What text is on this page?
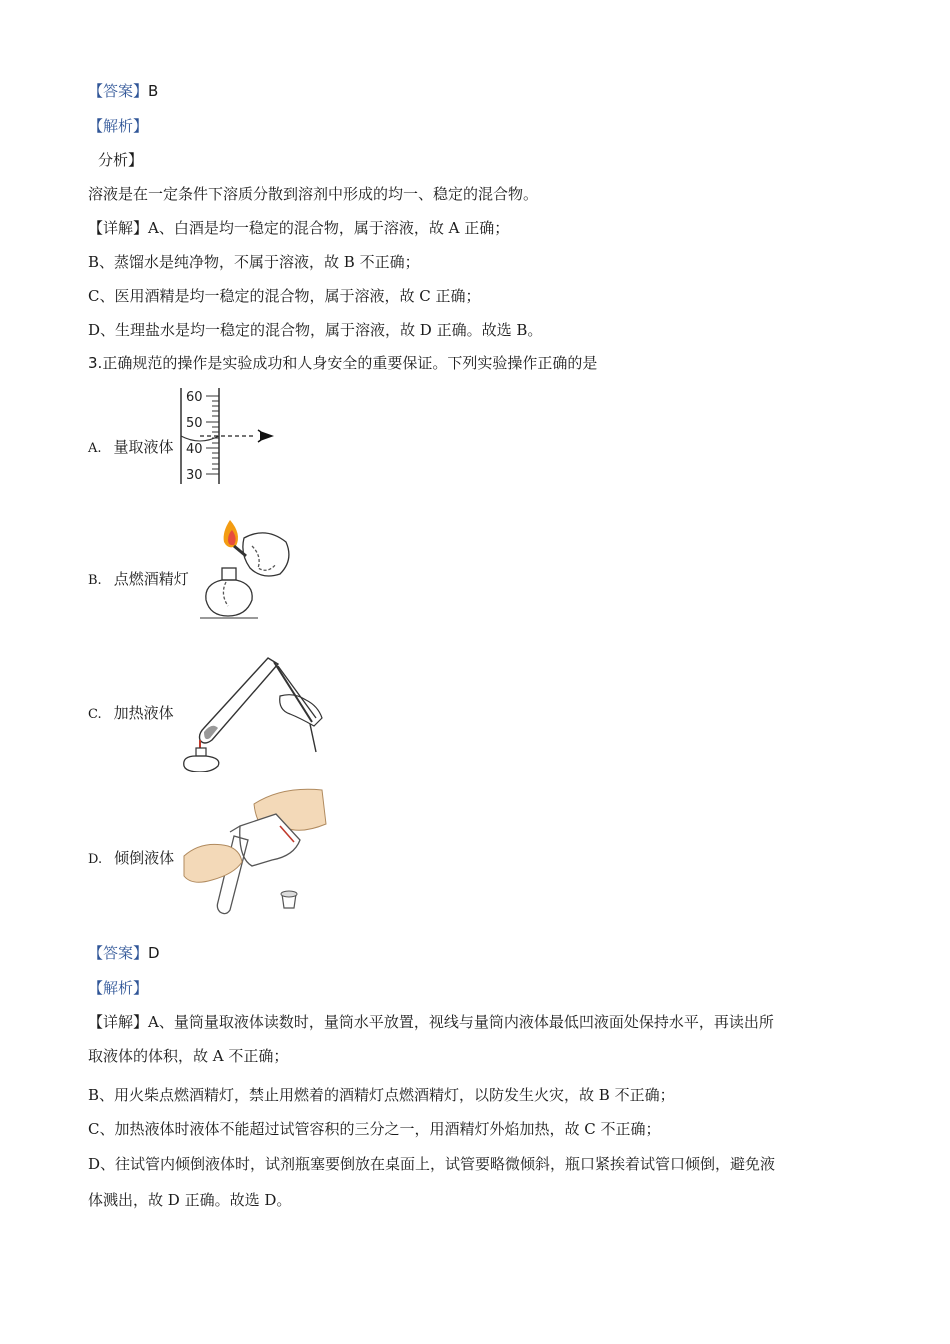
【答案】B
【解析】
分析】
溶液是在一定条件下溶质分散到溶剂中形成的均一、稳定的混合物。
【详解】A、白酒是均一稳定的混合物，属于溶液，故 A 正确；
B、蒸馏水是纯净物，不属于溶液，故 B 不正确；
C、医用酒精是均一稳定的混合物，属于溶液，故 C 正确；
D、生理盐水是均一稳定的混合物，属于溶液，故 D 正确。故选 B。
3.正确规范的操作是实验成功和人身安全的重要保证。下列实验操作正确的是
A. 量取液体
60
50
40
30
B. 点燃酒精灯
C. 加热液体
D. 倾倒液体
【答案】D
【解析】
【详解】A、量筒量取液体读数时，量筒水平放置，视线与量筒内液体最低凹液面处保持水平，再读出所
取液体的体积，故 A 不正确；
B、用火柴点燃酒精灯，禁止用燃着的酒精灯点燃酒精灯，以防发生火灾，故 B 不正确；
C、加热液体时液体不能超过试管容积的三分之一，用酒精灯外焰加热，故 C 不正确；
D、往试管内倾倒液体时，试剂瓶塞要倒放在桌面上，试管要略微倾斜，瓶口紧挨着试管口倾倒，避免液
体溅出，故 D 正确。故选 D。
